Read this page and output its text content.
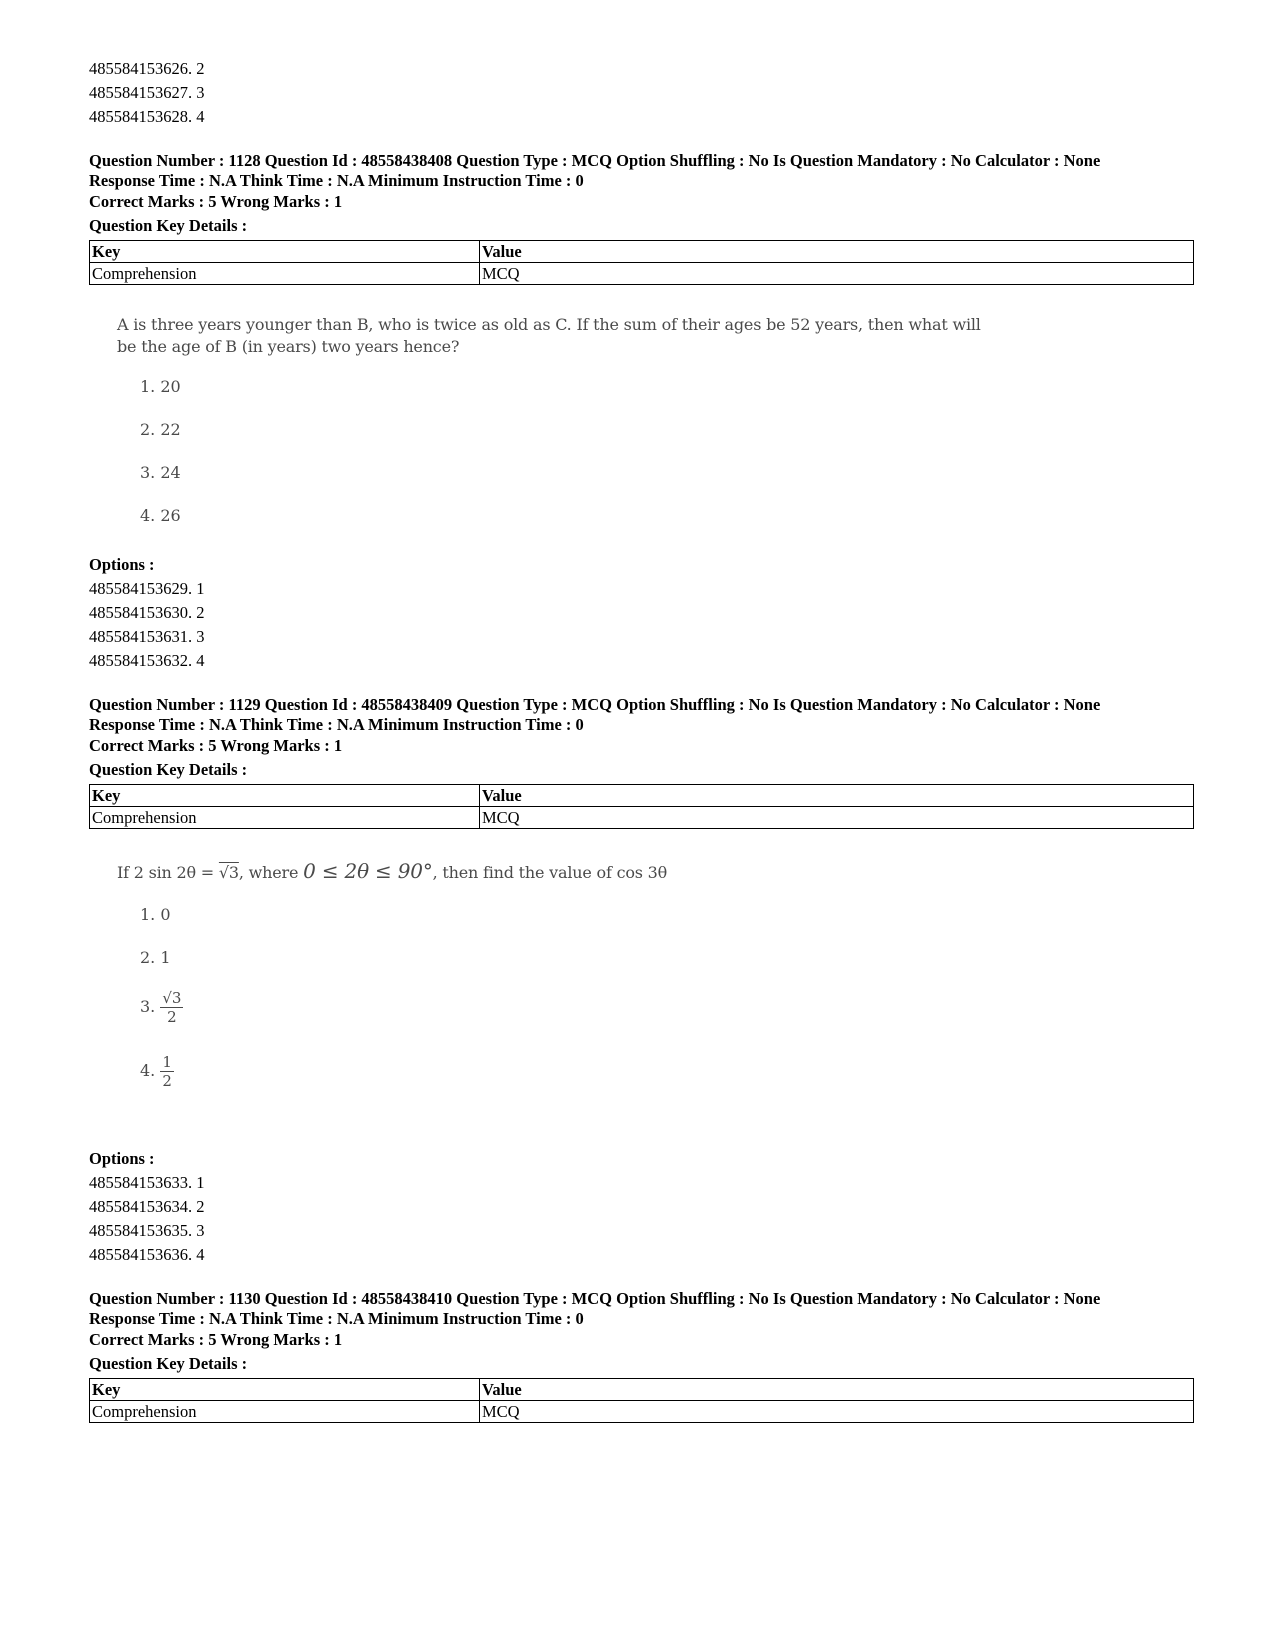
485584153626. 2
485584153627. 3
485584153628. 4
Question Number : 1128 Question Id : 48558438408 Question Type : MCQ Option Shuffling : No Is Question Mandatory : No Calculator : None
Response Time : N.A Think Time : N.A Minimum Instruction Time : 0
Correct Marks : 5 Wrong Marks : 1
Question Key Details :
Key	Value
Comprehension	MCQ
A is three years younger than B, who is twice as old as C. If the sum of their ages be 52 years, then what will
be the age of B (in years) two years hence?
1. 20
2. 22
3. 24
4. 26
Options :
485584153629. 1
485584153630. 2
485584153631. 3
485584153632. 4
Question Number : 1129 Question Id : 48558438409 Question Type : MCQ Option Shuffling : No Is Question Mandatory : No Calculator : None
Response Time : N.A Think Time : N.A Minimum Instruction Time : 0
Correct Marks : 5 Wrong Marks : 1
Question Key Details :
Key	Value
Comprehension	MCQ
If 2 sin 2θ = √3, where 0 ≤ 2θ ≤ 90°, then find the value of cos 3θ
1. 0
2. 1
3. $\frac{√3}{2}$
4. $\frac{1}{2}$
Options :
485584153633. 1
485584153634. 2
485584153635. 3
485584153636. 4
Question Number : 1130 Question Id : 48558438410 Question Type : MCQ Option Shuffling : No Is Question Mandatory : No Calculator : None
Response Time : N.A Think Time : N.A Minimum Instruction Time : 0
Correct Marks : 5 Wrong Marks : 1
Question Key Details :
Key	Value
Comprehension	MCQ
